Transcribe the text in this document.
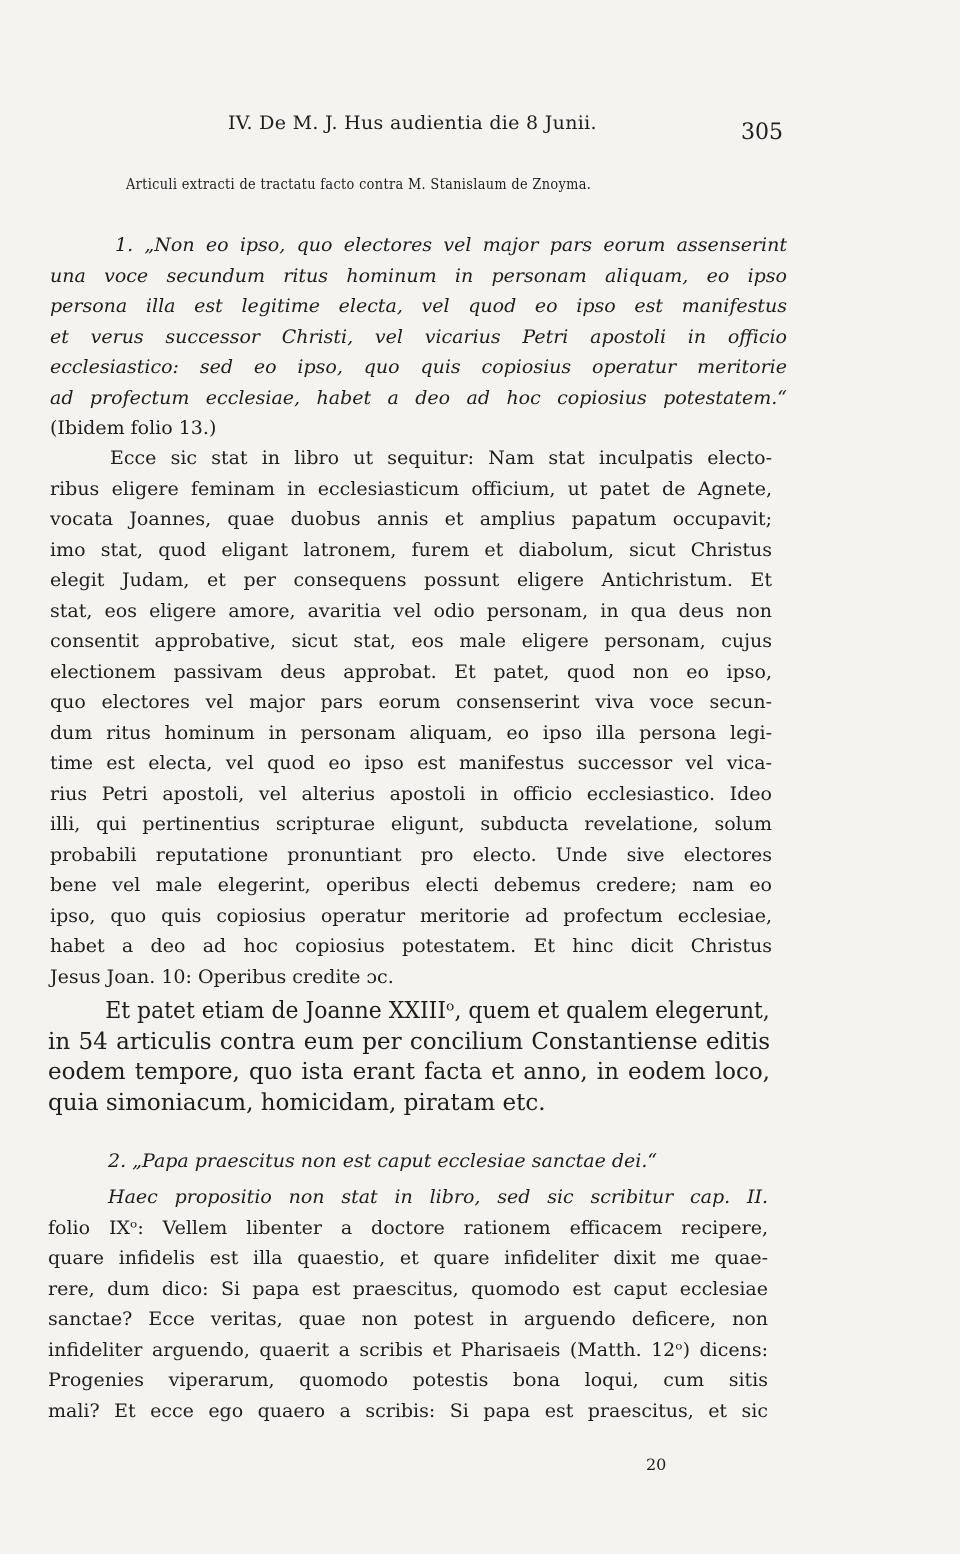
IV. De M. J. Hus audientia die 8 Junii.	305
Articuli extracti de tractatu facto contra M. Stanislaum de Znoyma.
1. „Non eo ipso, quo electores vel major pars eorum assenserint
una voce secundum ritus hominum in personam aliquam, eo ipso
persona illa est legitime electa, vel quod eo ipso est manifestus
et verus successor Christi, vel vicarius Petri apostoli in officio
ecclesiastico: sed eo ipso, quo quis copiosius operatur meritorie
ad profectum ecclesiae, habet a deo ad hoc copiosius potestatem.“
(Ibidem folio 13.)
Ecce sic stat in libro ut sequitur: Nam stat inculpatis electo-
ribus eligere feminam in ecclesiasticum officium, ut patet de Agnete,
vocata Joannes, quae duobus annis et amplius papatum occupavit;
imo stat, quod eligant latronem, furem et diabolum, sicut Christus
elegit Judam, et per consequens possunt eligere Antichristum. Et
stat, eos eligere amore, avaritia vel odio personam, in qua deus non
consentit approbative, sicut stat, eos male eligere personam, cujus
electionem passivam deus approbat. Et patet, quod non eo ipso,
quo electores vel major pars eorum consenserint viva voce secun-
dum ritus hominum in personam aliquam, eo ipso illa persona legi-
time est electa, vel quod eo ipso est manifestus successor vel vica-
rius Petri apostoli, vel alterius apostoli in officio ecclesiastico. Ideo
illi, qui pertinentius scripturae eligunt, subducta revelatione, solum
probabili reputatione pronuntiant pro electo. Unde sive electores
bene vel male elegerint, operibus electi debemus credere; nam eo
ipso, quo quis copiosius operatur meritorie ad profectum ecclesiae,
habet a deo ad hoc copiosius potestatem. Et hinc dicit Christus
Jesus Joan. 10: Operibus credite ɔc.
Et patet etiam de Joanne XXIIIᵒ, quem et qualem elegerunt,
in 54 articulis contra eum per concilium Constantiense editis
eodem tempore, quo ista erant facta et anno, in eodem loco,
quia simoniacum, homicidam, piratam etc.
2. „Papa praescitus non est caput ecclesiae sanctae dei.“
Haec propositio non stat in libro, sed sic scribitur cap. II.
folio IXᵒ: Vellem libenter a doctore rationem efficacem recipere,
quare infidelis est illa quaestio, et quare infideliter dixit me quae-
rere, dum dico: Si papa est praescitus, quomodo est caput ecclesiae
sanctae? Ecce veritas, quae non potest in arguendo deficere, non
infideliter arguendo, quaerit a scribis et Pharisaeis (Matth. 12ᵒ) dicens:
Progenies viperarum, quomodo potestis bona loqui, cum sitis
mali? Et ecce ego quaero a scribis: Si papa est praescitus, et sic
20
